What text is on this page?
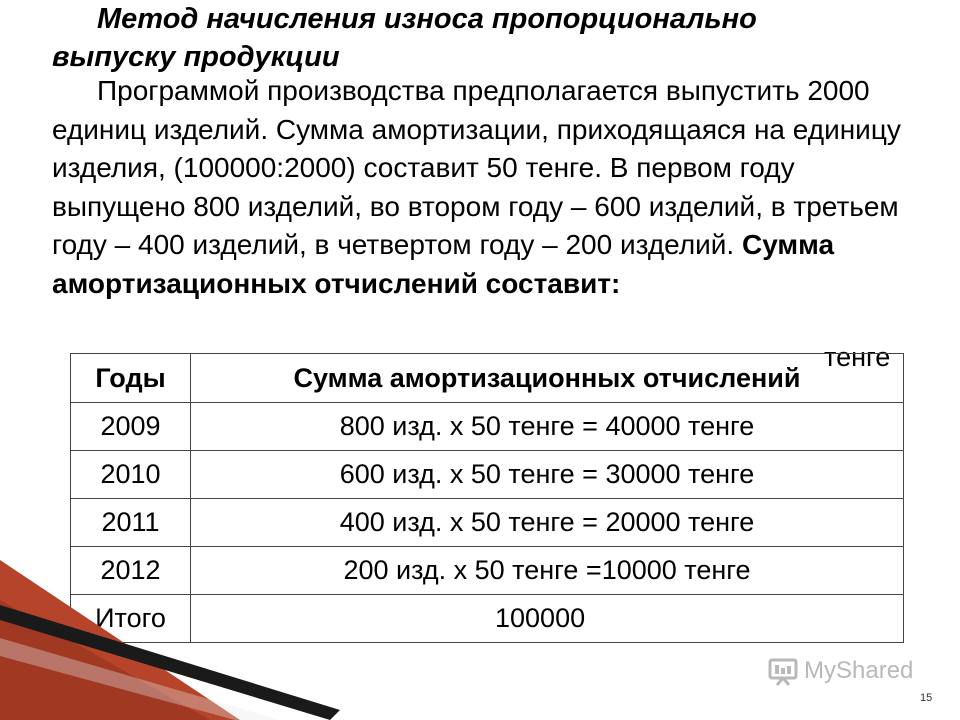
Метод начисления износа пропорционально
выпуску продукции

Программой производства предполагается выпустить 2000 единиц изделий. Сумма амортизации, приходящаяся на единицу изделия, (100000:2000) составит 50 тенге. В первом году выпущено 800 изделий, во втором году – 600 изделий, в третьем году – 400 изделий, в четвертом году – 200 изделий. Сумма амортизационных отчислений составит:

тенге
Годы	Сумма амортизационных отчислений
2009	800 изд. х 50 тенге = 40000 тенге
2010	600 изд. х 50 тенге = 30000 тенге
2011	400 изд. х 50 тенге = 20000 тенге
2012	200 изд. х 50 тенге =10000 тенге
Итого	100000
MyShared
15
